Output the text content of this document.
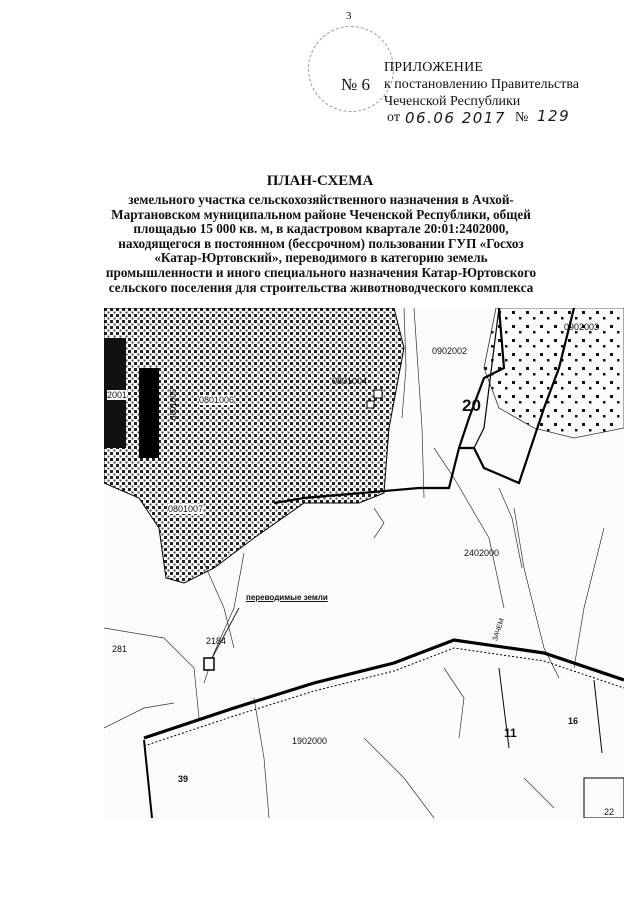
3
№ 6
ПРИЛОЖЕНИЕ
к постановлению Правительства
Чеченской Республики
от 06.06 2017 № 129
ПЛАН-СХЕМА
земельного участка сельскохозяйственного назначения в Ачхой-
Мартановском муниципальном районе Чеченской Республики, общей
площадью 15 000 кв. м, в кадастровом квартале 20:01:2402000,
находящегося в постоянном (бессрочном) пользовании ГУП «Госхоз
«Катар-Юртовский», переводимого в категорию земель
промышленности и иного специального назначения Катар-Юртовского
сельского поселения для строительства животноводческого комплекса
0902002
0902003
0801004
0801006
0801005
0801007
2001
20
2402000
1902000
11
281
2184
16
39
22
переводимые земли
ЗАЧЕМ
